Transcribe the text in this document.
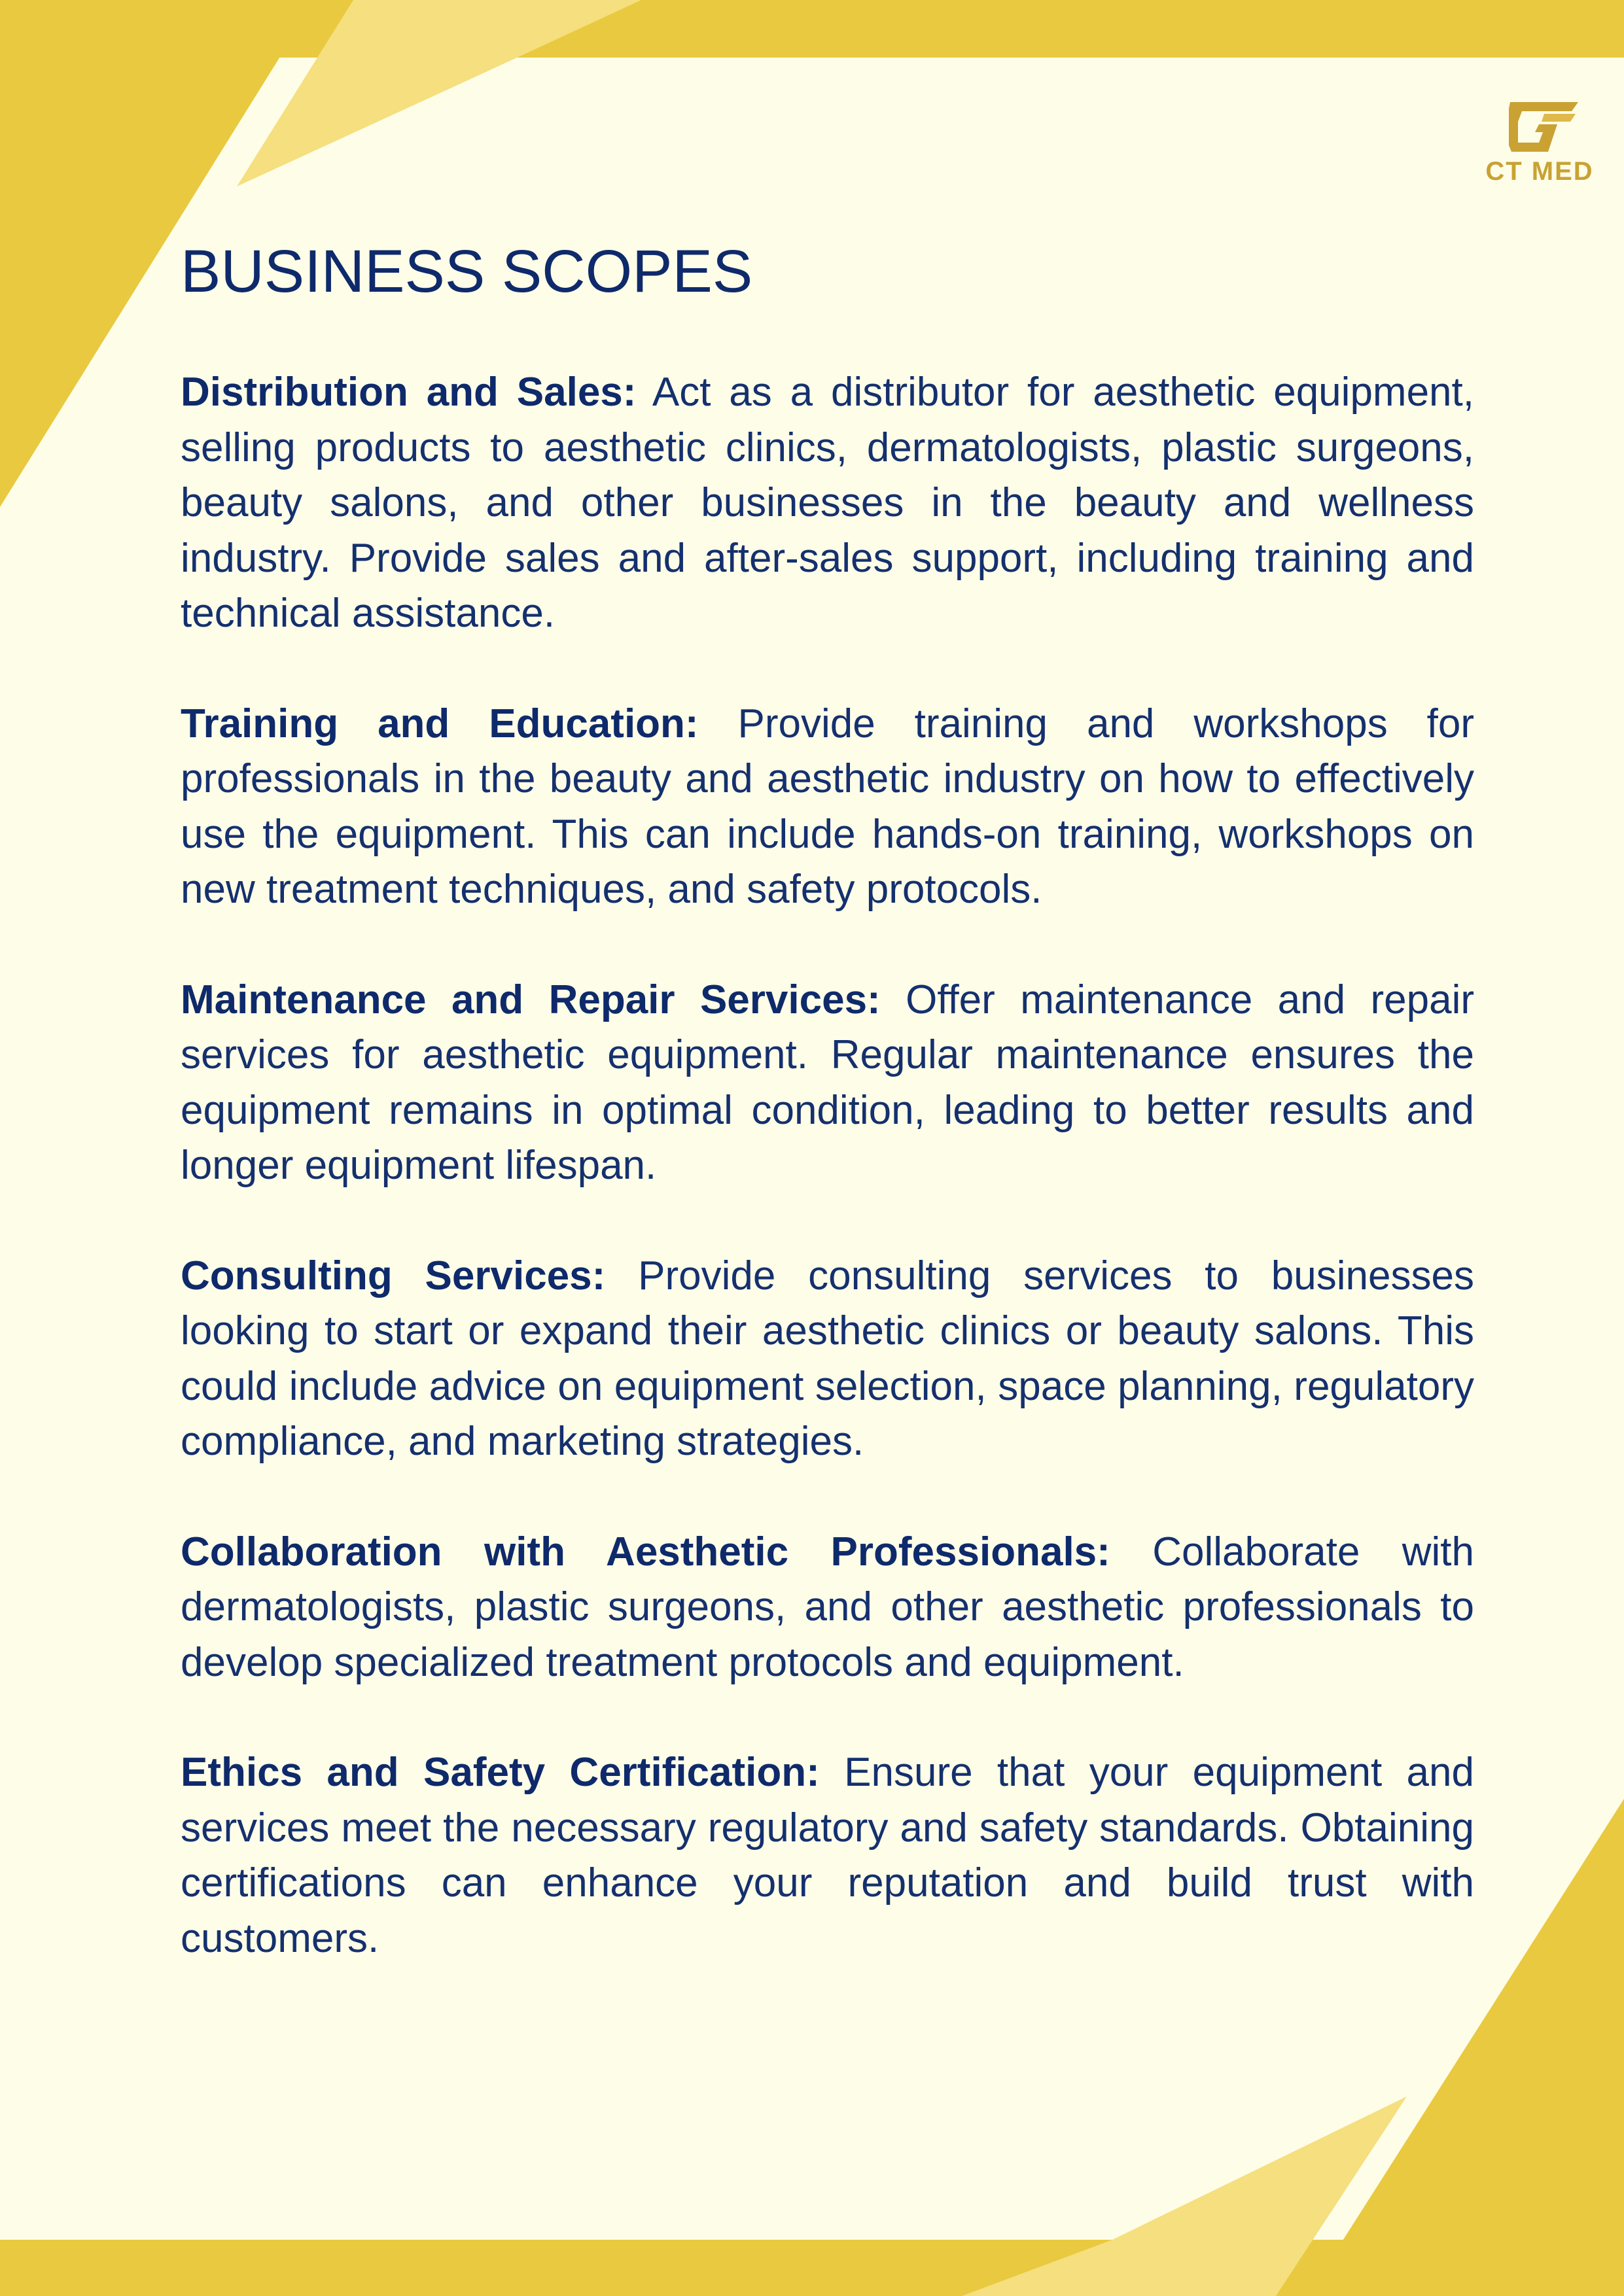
CT MED
BUSINESS SCOPES

Distribution and Sales: Act as a distributor for aesthetic equipment, selling products to aesthetic clinics, dermatologists, plastic surgeons, beauty salons, and other businesses in the beauty and wellness industry. Provide sales and after-sales support, including training and technical assistance.

Training and Education: Provide training and workshops for professionals in the beauty and aesthetic industry on how to effectively use the equipment. This can include hands-on training, workshops on new treatment techniques, and safety protocols.

Maintenance and Repair Services: Offer maintenance and repair services for aesthetic equipment. Regular maintenance ensures the equipment remains in optimal condition, leading to better results and longer equipment lifespan.

Consulting Services: Provide consulting services to businesses looking to start or expand their aesthetic clinics or beauty salons. This could include advice on equipment selection, space planning, regulatory compliance, and marketing strategies.

Collaboration with Aesthetic Professionals: Collaborate with dermatologists, plastic surgeons, and other aesthetic professionals to develop specialized treatment protocols and equipment.

Ethics and Safety Certification: Ensure that your equipment and services meet the necessary regulatory and safety standards. Obtaining certifications can enhance your reputation and build trust with customers.
